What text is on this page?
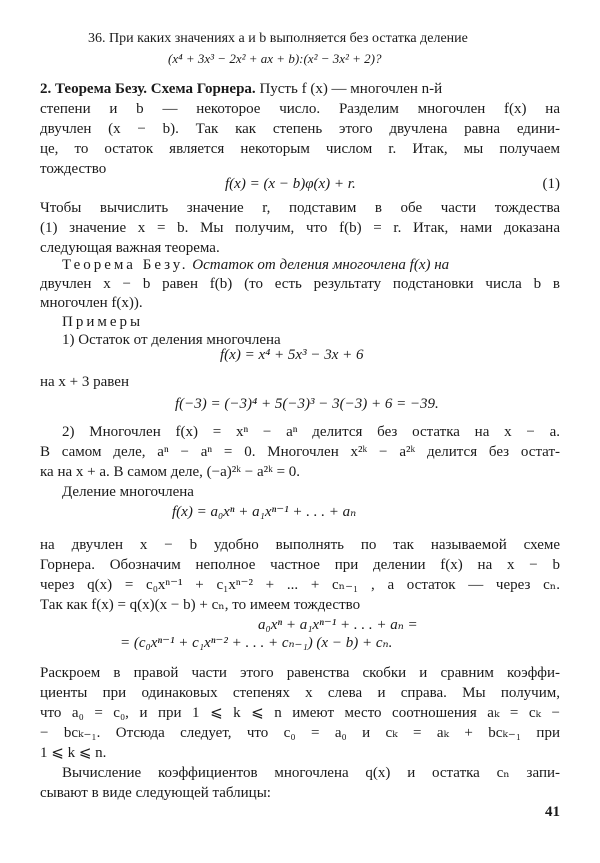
36. При каких значениях a и b выполняется без остатка деление
(x⁴ + 3x³ − 2x² + ax + b):(x² − 3x² + 2)?
2. Теорема Безу. Схема Горнера. Пусть f (x) — многочлен n-й
степени и b — некоторое число. Разделим многочлен f(x) на
двучлен (x − b). Так как степень этого двучлена равна едини-
це, то остаток является некоторым числом r. Итак, мы получаем
тождество
f(x) = (x − b)φ(x) + r.	(1)
Чтобы вычислить значение r, подставим в обе части тождества
(1) значение x = b. Мы получим, что f(b) = r. Итак, нами доказана
следующая важная теорема.
Теорема Безу. Остаток от деления многочлена f(x) на
двучлен x − b равен f(b) (то есть результату подстановки числа b в
многочлен f(x)).
Примеры
1) Остаток от деления многочлена
f(x) = x⁴ + 5x³ − 3x + 6
на x + 3 равен
f(−3) = (−3)⁴ + 5(−3)³ − 3(−3) + 6 = −39.
2) Многочлен f(x) = xⁿ − aⁿ делится без остатка на x − a.
В самом деле, aⁿ − aⁿ = 0. Многочлен x²ᵏ − a²ᵏ делится без остат-
ка на x + a. В самом деле, (−a)²ᵏ − a²ᵏ = 0.
Деление многочлена
f(x) = a₀xⁿ + a₁xⁿ⁻¹ + . . . + aₙ
на двучлен x − b удобно выполнять по так называемой схеме
Горнера. Обозначим неполное частное при делении f(x) на x − b
через q(x) = c₀xⁿ⁻¹ + c₁xⁿ⁻² + ... + cₙ₋₁ , а остаток — через cₙ.
Так как f(x) = q(x)(x − b) + cₙ, то имеем тождество
a₀xⁿ + a₁xⁿ⁻¹ + . . . + aₙ =
= (c₀xⁿ⁻¹ + c₁xⁿ⁻² + . . . + cₙ₋₁) (x − b) + cₙ.
Раскроем в правой части этого равенства скобки и сравним коэффи-
циенты при одинаковых степенях x слева и справа. Мы получим,
что a₀ = c₀, и при 1 ⩽ k ⩽ n имеют место соотношения aₖ = cₖ −
− bcₖ₋₁. Отсюда следует, что c₀ = a₀ и cₖ = aₖ + bcₖ₋₁ при
1 ⩽ k ⩽ n.
Вычисление коэффициентов многочлена q(x) и остатка cₙ запи-
сывают в виде следующей таблицы:
41
